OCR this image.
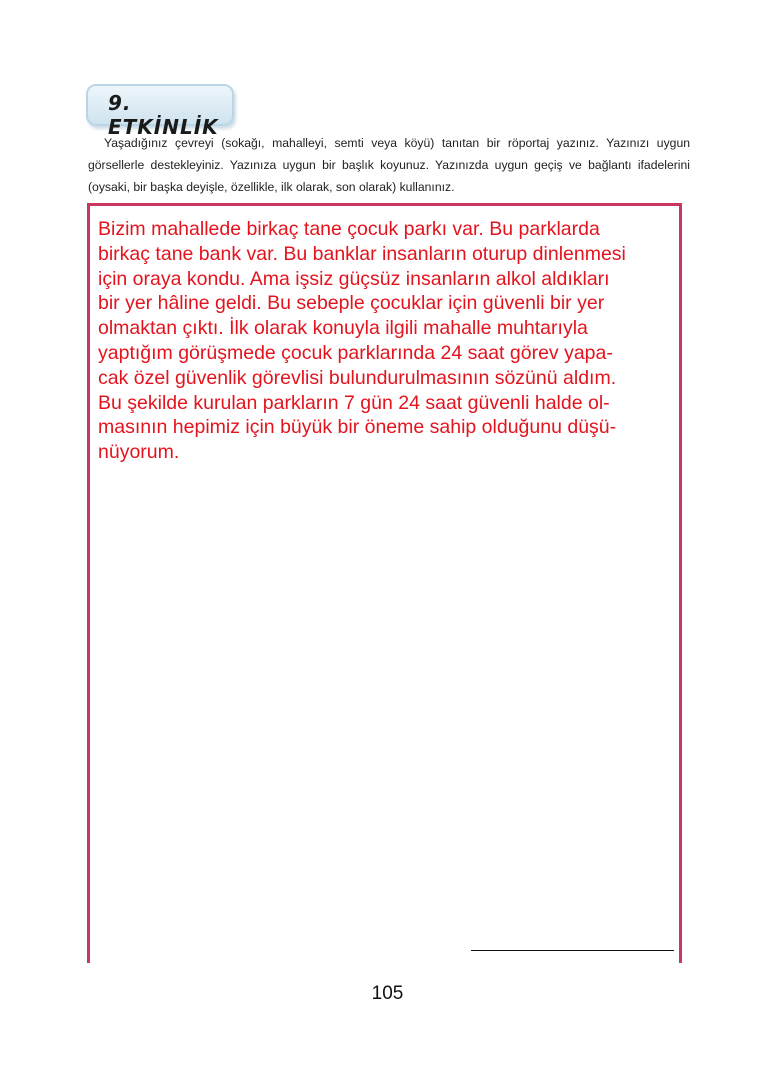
9. ETKİNLİK
Yaşadığınız çevreyi (sokağı, mahalleyi, semti veya köyü) tanıtan bir röportaj yazınız. Yazınızı uygun görsellerle destekleyiniz. Yazınıza uygun bir başlık koyunuz. Yazınızda uygun geçiş ve bağlantı ifadelerini (oysaki, bir başka deyişle, özellikle, ilk olarak, son olarak) kullanınız.
Bizim mahallede birkaç tane çocuk parkı var. Bu parklarda
birkaç tane bank var. Bu banklar insanların oturup dinlenmesi
için oraya kondu. Ama işsiz güçsüz insanların alkol aldıkları
bir yer hâline geldi. Bu sebeple çocuklar için güvenli bir yer
olmaktan çıktı. İlk olarak konuyla ilgili mahalle muhtarıyla
yaptığım görüşmede çocuk parklarında 24 saat görev yapa-
cak özel güvenlik görevlisi bulundurulmasının sözünü aldım.
Bu şekilde kurulan parkların 7 gün 24 saat güvenli halde ol-
masının hepimiz için büyük bir öneme sahip olduğunu düşü-
nüyorum.
105
